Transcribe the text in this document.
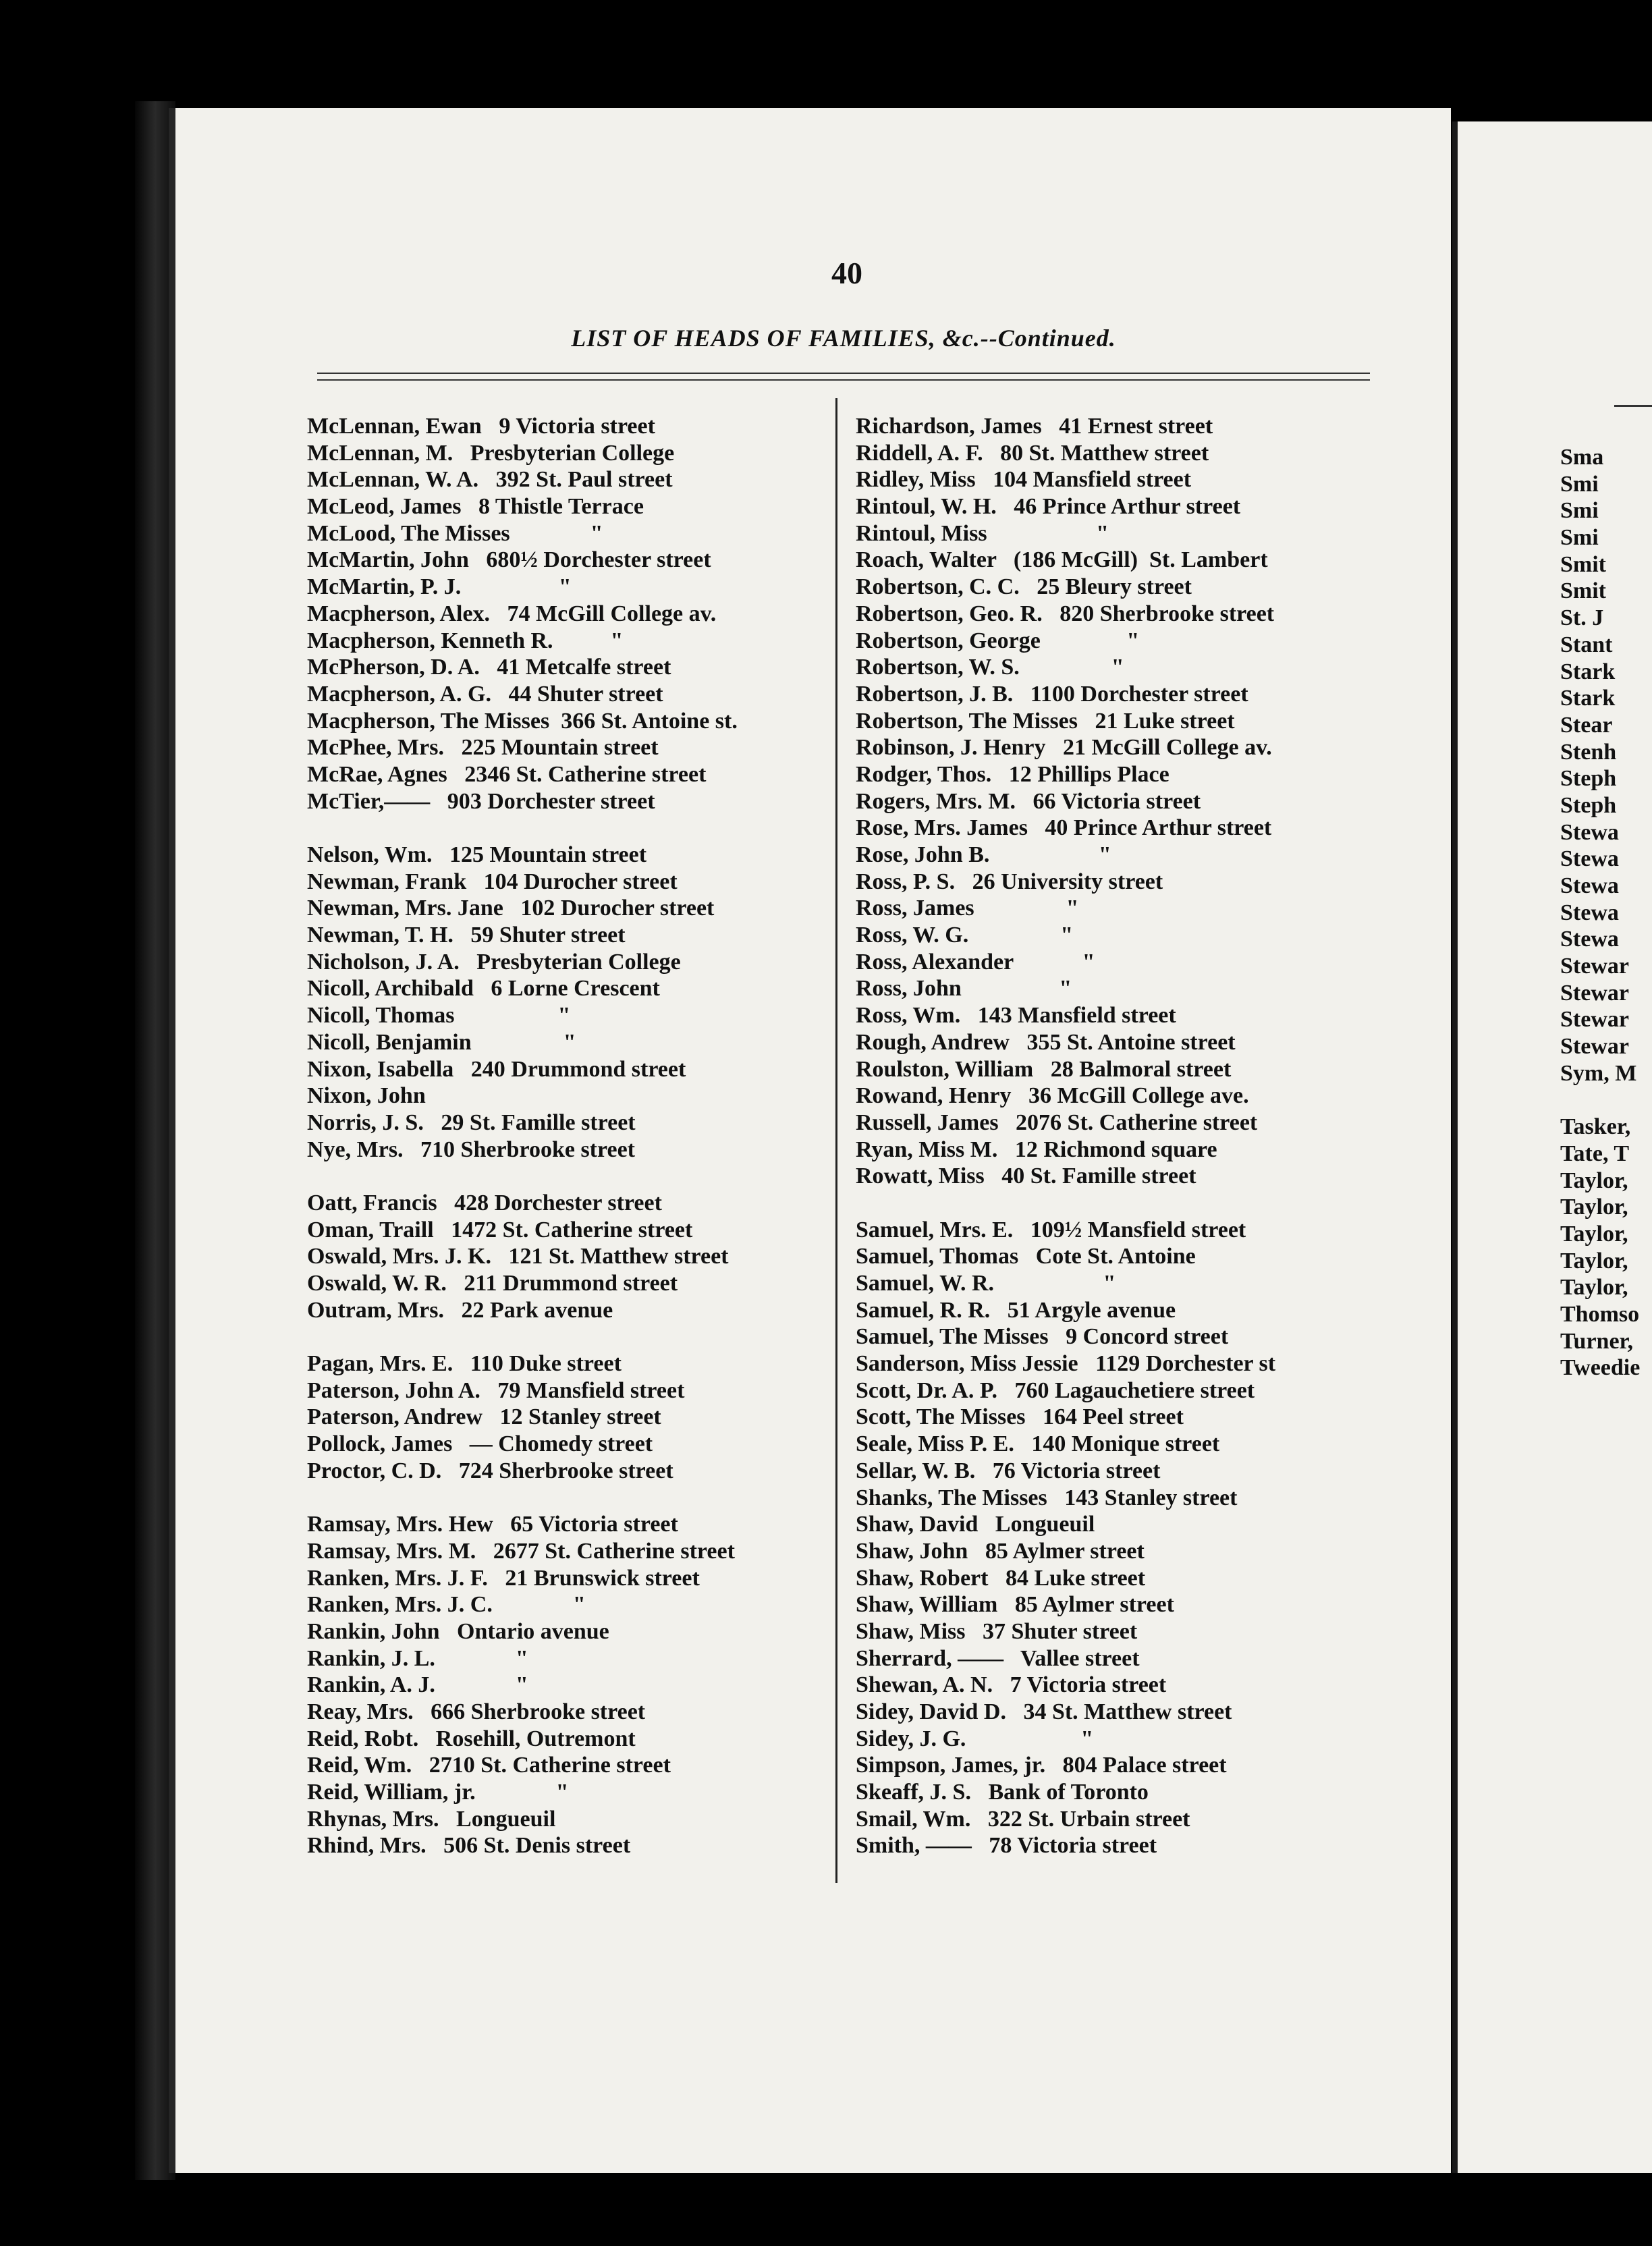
40
LIST OF HEADS OF FAMILIES, &c.--Continued.
McLennan, Ewan   9 Victoria street
McLennan, M.   Presbyterian College
McLennan, W. A.   392 St. Paul street
McLeod, James   8 Thistle Terrace
McLood, The Misses              "
McMartin, John   680½ Dorchester street
McMartin, P. J.                 "
Macpherson, Alex.   74 McGill College av.
Macpherson, Kenneth R.          "
McPherson, D. A.   41 Metcalfe street
Macpherson, A. G.   44 Shuter street
Macpherson, The Misses  366 St. Antoine st.
McPhee, Mrs.   225 Mountain street
McRae, Agnes   2346 St. Catherine street
McTier,——   903 Dorchester street
Nelson, Wm.   125 Mountain street
Newman, Frank   104 Durocher street
Newman, Mrs. Jane   102 Durocher street
Newman, T. H.   59 Shuter street
Nicholson, J. A.   Presbyterian College
Nicoll, Archibald   6 Lorne Crescent
Nicoll, Thomas                  "
Nicoll, Benjamin                "
Nixon, Isabella   240 Drummond street
Nixon, John
Norris, J. S.   29 St. Famille street
Nye, Mrs.   710 Sherbrooke street
Oatt, Francis   428 Dorchester street
Oman, Traill   1472 St. Catherine street
Oswald, Mrs. J. K.   121 St. Matthew street
Oswald, W. R.   211 Drummond street
Outram, Mrs.   22 Park avenue
Pagan, Mrs. E.   110 Duke street
Paterson, John A.   79 Mansfield street
Paterson, Andrew   12 Stanley street
Pollock, James   — Chomedy street
Proctor, C. D.   724 Sherbrooke street
Ramsay, Mrs. Hew   65 Victoria street
Ramsay, Mrs. M.   2677 St. Catherine street
Ranken, Mrs. J. F.   21 Brunswick street
Ranken, Mrs. J. C.              "
Rankin, John   Ontario avenue
Rankin, J. L.              "
Rankin, A. J.              "
Reay, Mrs.   666 Sherbrooke street
Reid, Robt.   Rosehill, Outremont
Reid, Wm.   2710 St. Catherine street
Reid, William, jr.              "
Rhynas, Mrs.   Longueuil
Rhind, Mrs.   506 St. Denis street
Richardson, James   41 Ernest street
Riddell, A. F.   80 St. Matthew street
Ridley, Miss   104 Mansfield street
Rintoul, W. H.   46 Prince Arthur street
Rintoul, Miss                   "
Roach, Walter   (186 McGill)  St. Lambert
Robertson, C. C.   25 Bleury street
Robertson, Geo. R.   820 Sherbrooke street
Robertson, George               "
Robertson, W. S.                "
Robertson, J. B.   1100 Dorchester street
Robertson, The Misses   21 Luke street
Robinson, J. Henry   21 McGill College av.
Rodger, Thos.   12 Phillips Place
Rogers, Mrs. M.   66 Victoria street
Rose, Mrs. James   40 Prince Arthur street
Rose, John B.                   "
Ross, P. S.   26 University street
Ross, James                "
Ross, W. G.                "
Ross, Alexander            "
Ross, John                 "
Ross, Wm.   143 Mansfield street
Rough, Andrew   355 St. Antoine street
Roulston, William   28 Balmoral street
Rowand, Henry   36 McGill College ave.
Russell, James   2076 St. Catherine street
Ryan, Miss M.   12 Richmond square
Rowatt, Miss   40 St. Famille street
Samuel, Mrs. E.   109½ Mansfield street
Samuel, Thomas   Cote St. Antoine
Samuel, W. R.                   "
Samuel, R. R.   51 Argyle avenue
Samuel, The Misses   9 Concord street
Sanderson, Miss Jessie   1129 Dorchester st
Scott, Dr. A. P.   760 Lagauchetiere street
Scott, The Misses   164 Peel street
Seale, Miss P. E.   140 Monique street
Sellar, W. B.   76 Victoria street
Shanks, The Misses   143 Stanley street
Shaw, David   Longueuil
Shaw, John   85 Aylmer street
Shaw, Robert   84 Luke street
Shaw, William   85 Aylmer street
Shaw, Miss   37 Shuter street
Sherrard, ——   Vallee street
Shewan, A. N.   7 Victoria street
Sidey, David D.   34 St. Matthew street
Sidey, J. G.                    "
Simpson, James, jr.   804 Palace street
Skeaff, J. S.   Bank of Toronto
Smail, Wm.   322 St. Urbain street
Smith, ——   78 Victoria street
Sma
Smi
Smi
Smi
Smit
Smit
St. J
Stant
Stark
Stark
Stear
Stenh
Steph
Steph
Stewa
Stewa
Stewa
Stewa
Stewa
Stewar
Stewar
Stewar
Stewar
Sym, M
Tasker,
Tate, T
Taylor,
Taylor,
Taylor,
Taylor,
Taylor,
Thomso
Turner,
Tweedie
